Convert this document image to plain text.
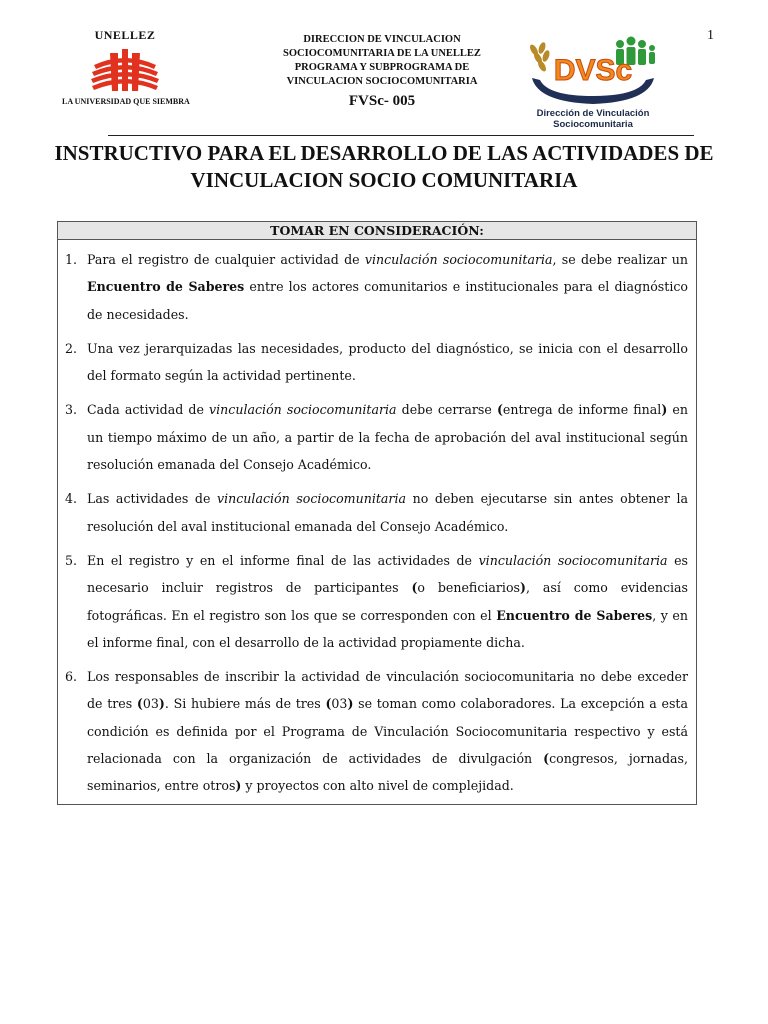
1
UNELLEZ
LA UNIVERSIDAD QUE SIEMBRA
DIRECCION DE VINCULACION
SOCIOCOMUNITARIA DE LA UNELLEZ
PROGRAMA Y SUBPROGRAMA DE
VINCULACION SOCIOCOMUNITARIA
FVSc- 005
DVSc
Dirección de Vinculación
Sociocomunitaria
INSTRUCTIVO PARA EL DESARROLLO DE LAS ACTIVIDADES DE
VINCULACION SOCIO COMUNITARIA
TOMAR EN CONSIDERACIÓN:
1. Para el registro de cualquier actividad de vinculación sociocomunitaria, se debe realizar un Encuentro de Saberes entre los actores comunitarios e institucionales para el diagnóstico de necesidades.
2. Una vez jerarquizadas las necesidades, producto del diagnóstico, se inicia con el desarrollo del formato según la actividad pertinente.
3. Cada actividad de vinculación sociocomunitaria debe cerrarse (entrega de informe final) en un tiempo máximo de un año, a partir de la fecha de aprobación del aval institucional según resolución emanada del Consejo Académico.
4. Las actividades de vinculación sociocomunitaria no deben ejecutarse sin antes obtener la resolución del aval institucional emanada del Consejo Académico.
5. En el registro y en el informe final de las actividades de vinculación sociocomunitaria es necesario incluir registros de participantes (o beneficiarios), así como evidencias fotográficas. En el registro son los que se corresponden con el Encuentro de Saberes, y en el informe final, con el desarrollo de la actividad propiamente dicha.
6. Los responsables de inscribir la actividad de vinculación sociocomunitaria no debe exceder de tres (03). Si hubiere más de tres (03) se toman como colaboradores. La excepción a esta condición es definida por el Programa de Vinculación Sociocomunitaria respectivo y está relacionada con la organización de actividades de divulgación (congresos, jornadas, seminarios, entre otros) y proyectos con alto nivel de complejidad.
